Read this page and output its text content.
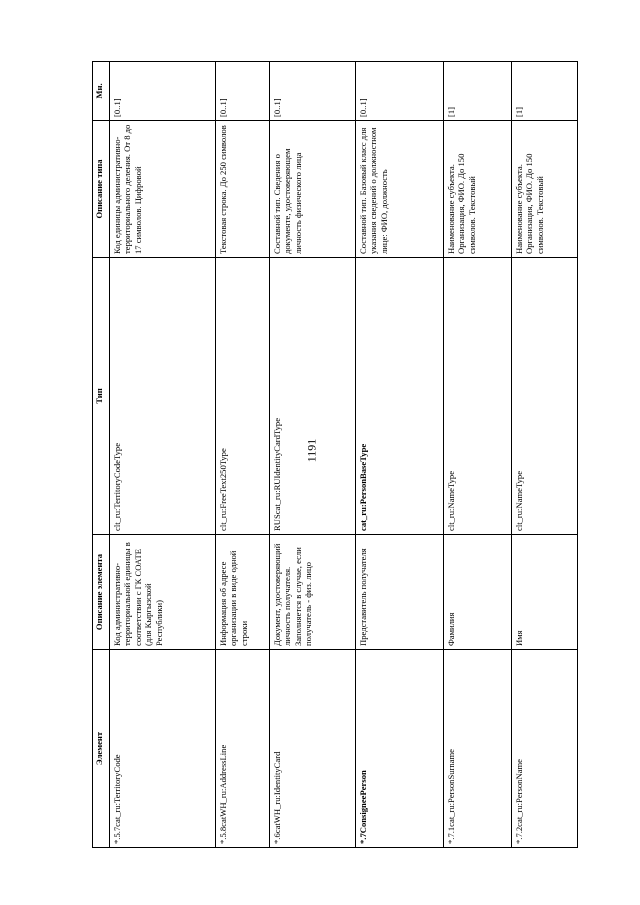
1191
Элемент	Описание элемента	Тип	Описание типа	Мн.
*.5.7cat_ru:TerritoryCode	Код административно-территориальной единицы в соответствии с ГК СОАТЕ (для Кыргызской Республики)	clt_ru:TerritoryCodeType	Код единицы административно-территориального деления. От 8 до 17 символов. Цифровой	[0..1]
*.5.8catWH_ru:AddressLine	Информация об адресе организации в виде одной строки	clt_ru:FreeText250Type	Текстовая строка. До 250 символов	[0..1]
*.6catWH_ru:IdentityCard	Документ, удостоверяющий личность получателя. Заполняется в случае, если получатель - физ. лицо	RUScat_ru:RUIdentityCardType	Составной тип. Сведения о документе, удостоверяющем личность физического лица	[0..1]
*.7ConsigneePerson	Представитель получателя	cat_ru:PersonBaseType	Составной тип. Базовый класс для указания сведений о должностном лице: ФИО, должность	[0..1]
*.7.1cat_ru:PersonSurname	Фамилия	clt_ru:NameType	Наименование субъекта. Организация, ФИО. До 150 символов. Текстовый	[1]
*.7.2cat_ru:PersonName	Имя	clt_ru:NameType	Наименование субъекта. Организация, ФИО. До 150 символов. Текстовый	[1]
